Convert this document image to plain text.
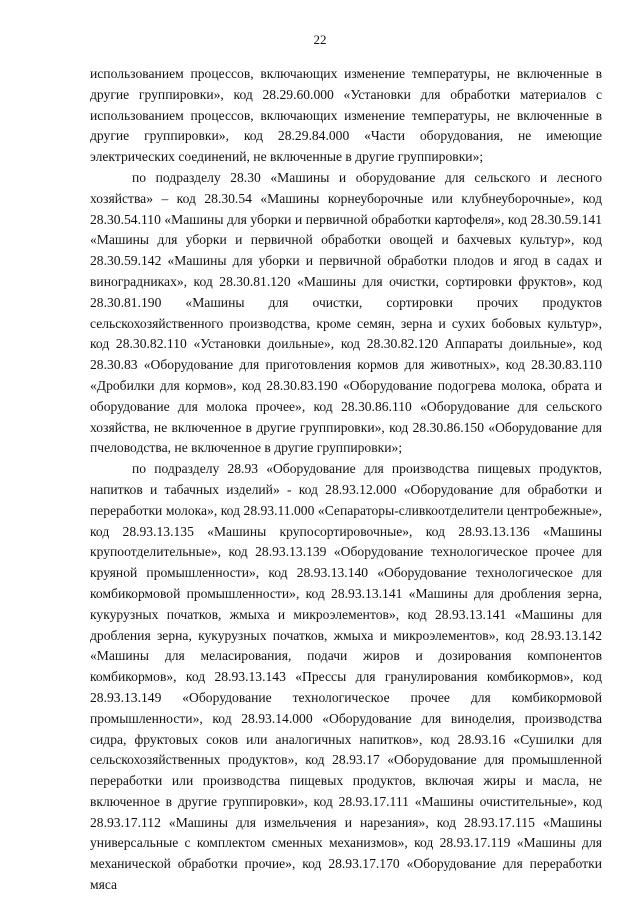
22

использованием процессов, включающих изменение температуры, не включенные в другие группировки», код 28.29.60.000 «Установки для обработки материалов с использованием процессов, включающих изменение температуры, не включенные в другие группировки», код 28.29.84.000 «Части оборудования, не имеющие электрических соединений, не включенные в другие группировки»;

по подразделу 28.30 «Машины и оборудование для сельского и лесного хозяйства» – код 28.30.54 «Машины корнеуборочные или клубнеуборочные», код 28.30.54.110 «Машины для уборки и первичной обработки картофеля», код 28.30.59.141 «Машины для уборки и первичной обработки овощей и бахчевых культур», код 28.30.59.142 «Машины для уборки и первичной обработки плодов и ягод в садах и виноградниках», код 28.30.81.120 «Машины для очистки, сортировки фруктов», код 28.30.81.190 «Машины для очистки, сортировки прочих продуктов сельскохозяйственного производства, кроме семян, зерна и сухих бобовых культур», код 28.30.82.110 «Установки доильные», код 28.30.82.120 Аппараты доильные», код 28.30.83 «Оборудование для приготовления кормов для животных», код 28.30.83.110 «Дробилки для кормов», код 28.30.83.190 «Оборудование подогрева молока, обрата и оборудование для молока прочее», код 28.30.86.110 «Оборудование для сельского хозяйства, не включенное в другие группировки», код 28.30.86.150 «Оборудование для пчеловодства, не включенное в другие группировки»;

по подразделу 28.93 «Оборудование для производства пищевых продуктов, напитков и табачных изделий» - код 28.93.12.000 «Оборудование для обработки и переработки молока», код 28.93.11.000 «Сепараторы-сливкоотделители центробежные», код 28.93.13.135 «Машины крупосортировочные», код 28.93.13.136 «Машины крупоотделительные», код 28.93.13.139 «Оборудование технологическое прочее для круяной промышленности», код 28.93.13.140 «Оборудование технологическое для комбикормовой промышленности», код 28.93.13.141 «Машины для дробления зерна, кукурузных початков, жмыха и микроэлементов», код 28.93.13.141 «Машины для дробления зерна, кукурузных початков, жмыха и микроэлементов», код 28.93.13.142 «Машины для меласирования, подачи жиров и дозирования компонентов комбикормов», код 28.93.13.143 «Прессы для гранулирования комбикормов», код 28.93.13.149 «Оборудование технологическое прочее для комбикормовой промышленности», код 28.93.14.000 «Оборудование для виноделия, производства сидра, фруктовых соков или аналогичных напитков», код 28.93.16 «Сушилки для сельскохозяйственных продуктов», код 28.93.17 «Оборудование для промышленной переработки или производства пищевых продуктов, включая жиры и масла, не включенное в другие группировки», код 28.93.17.111 «Машины очистительные», код 28.93.17.112 «Машины для измельчения и нарезания», код 28.93.17.115 «Машины универсальные с комплектом сменных механизмов», код 28.93.17.119 «Машины для механической обработки прочие», код 28.93.17.170 «Оборудование для переработки мяса
